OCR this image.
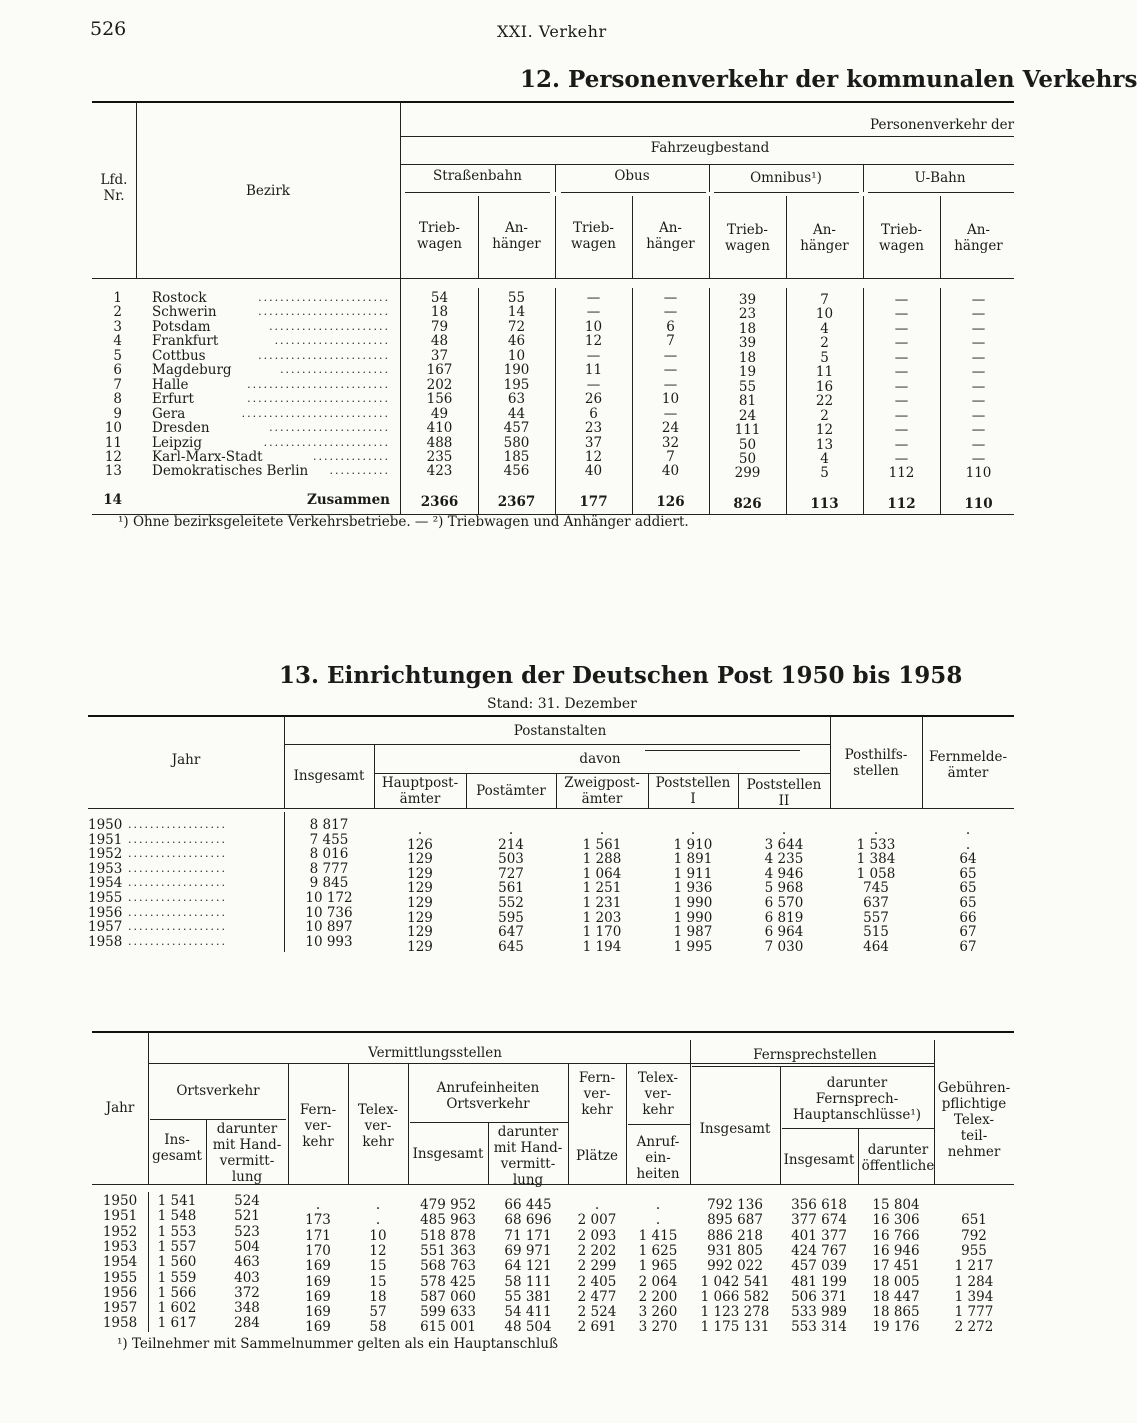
526	XXI. Verkehr
12. Personenverkehr der kommunalen Verkehrs
Lfd.
Nr.	Bezirk
Personenverkehr der
Fahrzeugbestand
Straßenbahn	Obus	Omnibus¹)	U-Bahn
Trieb-
wagen
An-
hänger
Trieb-
wagen
An-
hänger
Trieb-
wagen
An-
hänger
Trieb-
wagen
An-
hänger
1 Rostock	........................	54	55	—	—	39	7	—	—
2 Schwerin	........................	18	14	—	—	23	10	—	—
3 Potsdam	......................	79	72	10	6	18	4	—	—
4 Frankfurt	.....................	48	46	12	7	39	2	—	—
5 Cottbus	........................	37	10	—	—	18	5	—	—
6 Magdeburg	....................	167	190	11	—	19	11	—	—
7 Halle	..........................	202	195	—	—	55	16	—	—
8 Erfurt	..........................	156	63	26	10	81	22	—	—
9 Gera	...........................	49	44	6	—	24	2	—	—
10 Dresden	......................	410	457	23	24	111	12	—	—
11 Leipzig	.......................	488	580	37	32	50	13	—	—
12 Karl-Marx-Stadt	..............	235	185	12	7	50	4	—	—
13 Demokratisches Berlin	...........	423	456	40	40	299	5	112	110
14	Zusammen	2366	2367	177	126	826	113	112	110
¹) Ohne bezirksgeleitete Verkehrsbetriebe. — ²) Triebwagen und Anhänger addiert.
13. Einrichtungen der Deutschen Post 1950 bis 1958
Stand: 31. Dezember
Jahr
Postanstalten
Insgesamt
davon
Hauptpost-
ämter	Postämter	Zweigpost-
ämter
Poststellen
I
Poststellen
II
Posthilfs-
stellen
Fernmelde-
ämter
1950 ..................	8 817	.	.	.	.	.	.	.
1951 ..................	7 455	126	214	1 561	1 910	3 644	1 533	.
1952 ..................	8 016	129	503	1 288	1 891	4 235	1 384	64
1953 ..................	8 777	129	727	1 064	1 911	4 946	1 058	65
1954 ..................	9 845	129	561	1 251	1 936	5 968	745	65
1955 ..................	10 172	129	552	1 231	1 990	6 570	637	65
1956 ..................	10 736	129	595	1 203	1 990	6 819	557	66
1957 ..................	10 897	129	647	1 170	1 987	6 964	515	67
1958 ..................	10 993	129	645	1 194	1 995	7 030	464	67
Jahr
Vermittlungsstellen	Fernsprechstellen
Ortsverkehr
Ins-
gesamt
darunter
mit Hand-
vermitt-
lung
Fern-
ver-
kehr
Telex-
ver-
kehr
Anrufeinheiten
Ortsverkehr
Insgesamt
darunter
mit Hand-
vermitt-
lung
Fern-
ver-
kehr
Plätze
Telex-
ver-
kehr
Anruf-
ein-
heiten
Insgesamt
darunter
Fernsprech-
Hauptanschlüsse¹)
Insgesamt
darunter
öffentliche
Gebühren-
pflichtige
Telex-
teil-
nehmer
1950	1 541	524	.	.	479 952	66 445	.	.	792 136	356 618	15 804
1951	1 548	521	173	.	485 963	68 696	2 007	.	895 687	377 674	16 306	651
1952	1 553	523	171	10	518 878	71 171	2 093	1 415	886 218	401 377	16 766	792
1953	1 557	504	170	12	551 363	69 971	2 202	1 625	931 805	424 767	16 946	955
1954	1 560	463	169	15	568 763	64 121	2 299	1 965	992 022	457 039	17 451	1 217
1955	1 559	403	169	15	578 425	58 111	2 405	2 064	1 042 541	481 199	18 005	1 284
1956	1 566	372	169	18	587 060	55 381	2 477	2 200	1 066 582	506 371	18 447	1 394
1957	1 602	348	169	57	599 633	54 411	2 524	3 260	1 123 278	533 989	18 865	1 777
1958	1 617	284	169	58	615 001	48 504	2 691	3 270	1 175 131	553 314	19 176	2 272
¹) Teilnehmer mit Sammelnummer gelten als ein Hauptanschluß
